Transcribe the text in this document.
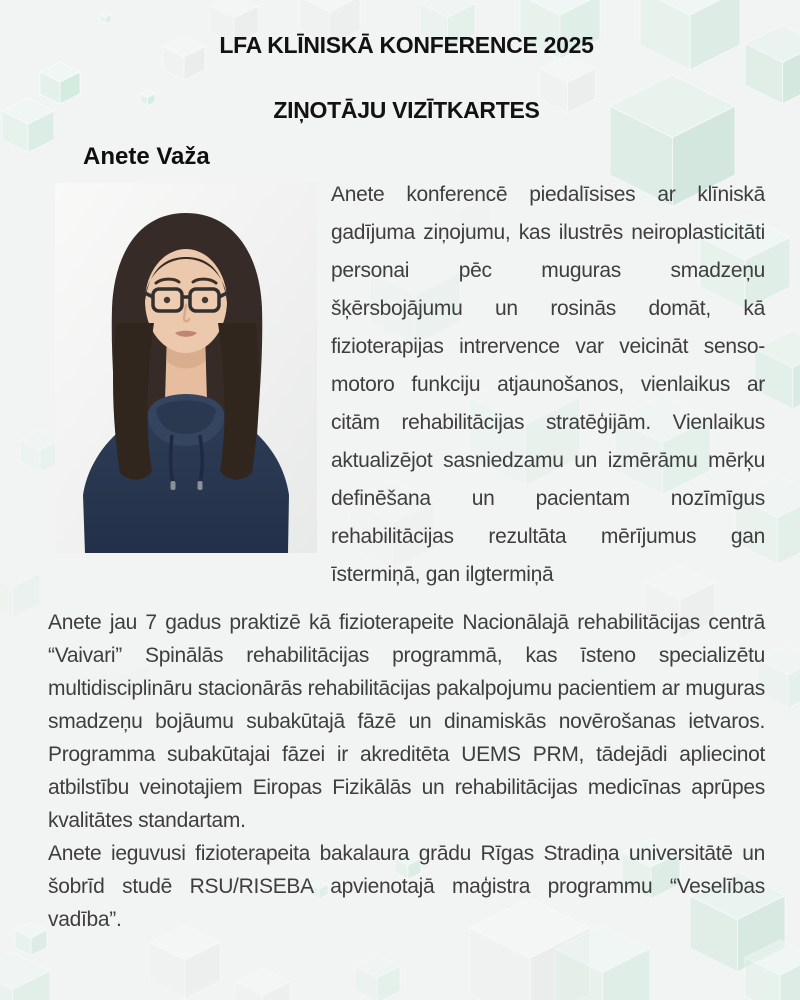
LFA KLĪNISKĀ KONFERENCE 2025
ZIŅOTĀJU VIZĪTKARTES
Anete Važa
Anete konferencē piedalīsises ar klīniskā gadījuma ziņojumu, kas ilustrēs neiroplasticitāti personai pēc muguras smadzeņu šķērsbojājumu un rosinās domāt, kā fizioterapijas intrervence var veicināt senso-motoro funkciju atjaunošanos, vienlaikus ar citām rehabilitācijas stratēģijām. Vienlaikus aktualizējot sasniedzamu un izmērāmu mērķu definēšana un pacientam nozīmīgus rehabilitācijas rezultāta mērījumus gan īstermiņā, gan ilgtermiņā

Anete jau 7 gadus praktizē kā fizioterapeite Nacionālajā rehabilitācijas centrā “Vaivari” Spinālās rehabilitācijas programmā, kas īsteno specializētu multidisciplināru stacionārās rehabilitācijas pakalpojumu pacientiem ar muguras smadzeņu bojāumu subakūtajā fāzē un dinamiskās novērošanas ietvaros. Programma subakūtajai fāzei ir akreditēta UEMS PRM, tādejādi apliecinot atbilstību veinotajiem Eiropas Fizikālās un rehabilitācijas medicīnas aprūpes kvalitātes standartam.

Anete ieguvusi fizioterapeita bakalaura grādu Rīgas Stradiņa universitātē un šobrīd studē RSU/RISEBA apvienotajā maģistra programmu “Veselības vadība”.
